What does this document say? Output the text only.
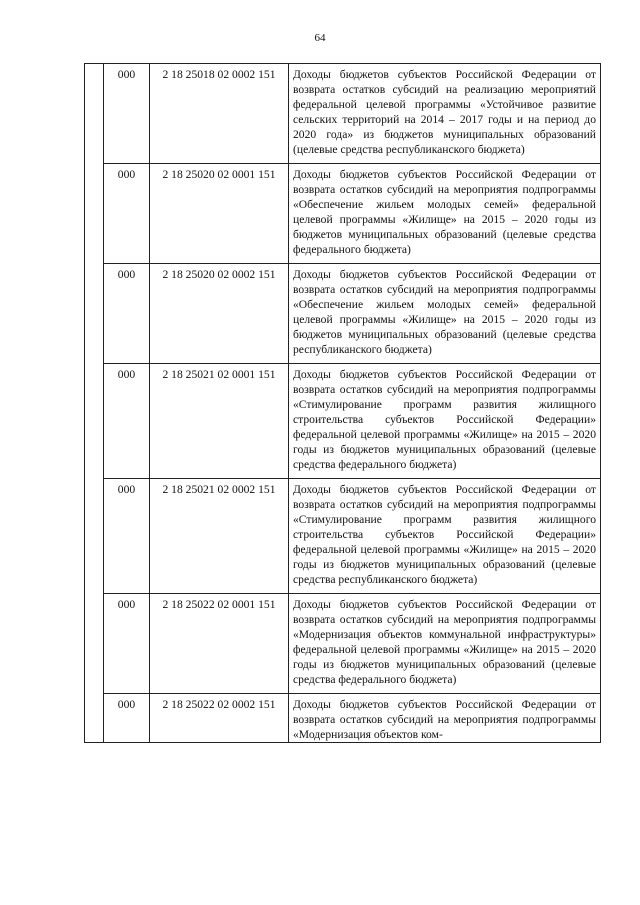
64
	000	2 18 25018 02 0002 151	Доходы бюджетов субъектов Российской Федерации от возврата остатков субсидий на реализацию мероприятий федеральной целевой программы «Устойчивое развитие сельских территорий на 2014 – 2017 годы и на период до 2020 года» из бюджетов муниципальных образований (целевые средства республиканского бюджета)
	000	2 18 25020 02 0001 151	Доходы бюджетов субъектов Российской Федерации от возврата остатков субсидий на мероприятия подпрограммы «Обеспечение жильем молодых семей» федеральной целевой программы «Жилище» на 2015 – 2020 годы из бюджетов муниципальных образований (целевые средства федерального бюджета)
	000	2 18 25020 02 0002 151	Доходы бюджетов субъектов Российской Федерации от возврата остатков субсидий на мероприятия подпрограммы «Обеспечение жильем молодых семей» федеральной целевой программы «Жилище» на 2015 – 2020 годы из бюджетов муниципальных образований (целевые средства республиканского бюджета)
	000	2 18 25021 02 0001 151	Доходы бюджетов субъектов Российской Федерации от возврата остатков субсидий на мероприятия подпрограммы «Стимулирование программ развития жилищного строительства субъектов Российской Федерации» федеральной целевой программы «Жилище» на 2015 – 2020 годы из бюджетов муниципальных образований (целевые средства федерального бюджета)
	000	2 18 25021 02 0002 151	Доходы бюджетов субъектов Российской Федерации от возврата остатков субсидий на мероприятия подпрограммы «Стимулирование программ развития жилищного строительства субъектов Российской Федерации» федеральной целевой программы «Жилище» на 2015 – 2020 годы из бюджетов муниципальных образований (целевые средства республиканского бюджета)
	000	2 18 25022 02 0001 151	Доходы бюджетов субъектов Российской Федерации от возврата остатков субсидий на мероприятия подпрограммы «Модернизация объектов коммунальной инфраструктуры» федеральной целевой программы «Жилище» на 2015 – 2020 годы из бюджетов муниципальных образований (целевые средства федерального бюджета)
	000	2 18 25022 02 0002 151	Доходы бюджетов субъектов Российской Федерации от возврата остатков субсидий на мероприятия подпрограммы «Модернизация объектов ком-
